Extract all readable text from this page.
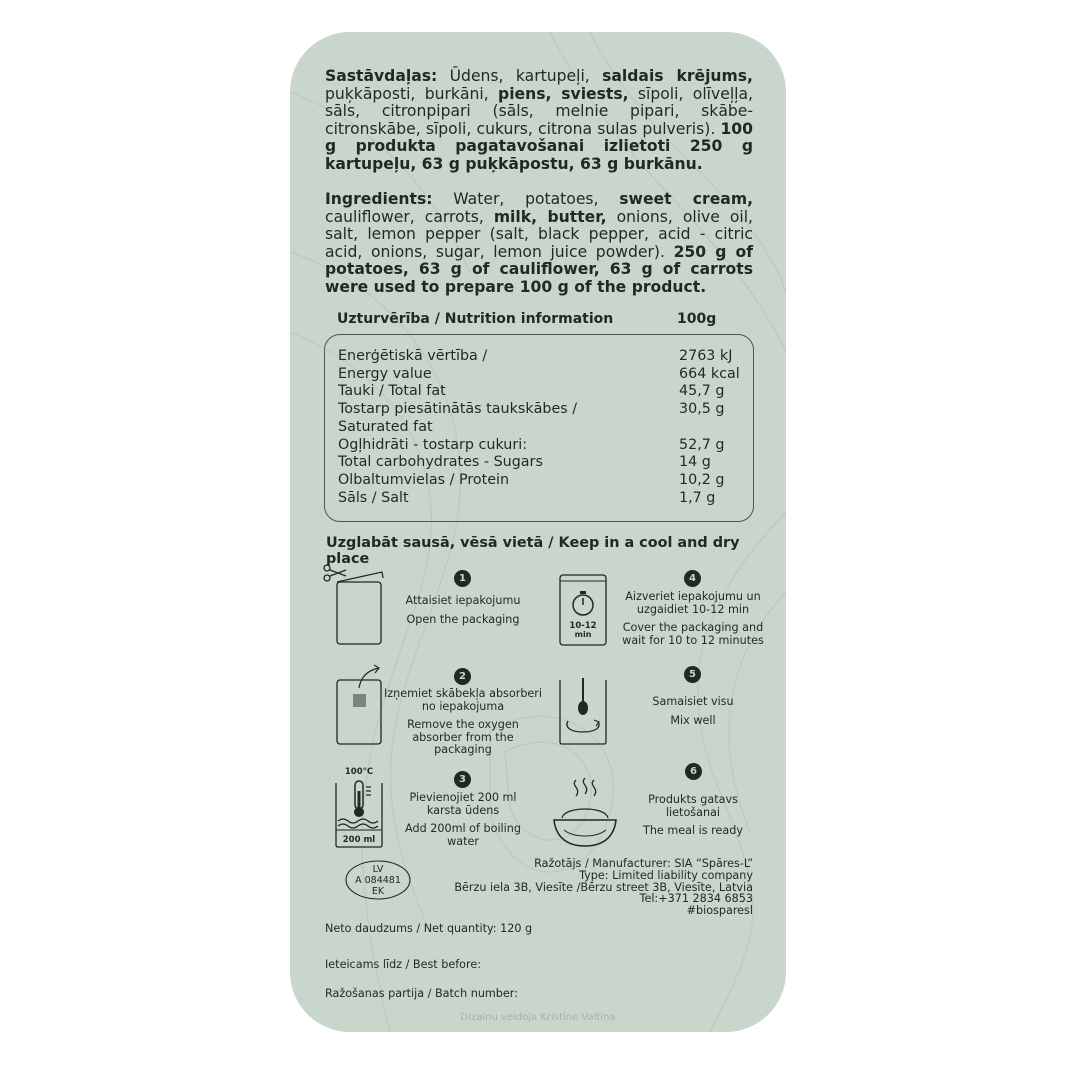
Sastāvdaļas: Ūdens, kartupeļi, saldais krējums, puķkāposti, burkāni, piens, sviests, sīpoli, olīveļļa, sāls, citronpipari (sāls, melnie pipari, skābe- citronskābe, sīpoli, cukurs, citrona sulas pulveris). 100 g produkta pagatavošanai izlietoti 250 g kartupeļu, 63 g puķkāpostu, 63 g burkānu.
Ingredients: Water, potatoes, sweet cream, cauliflower, carrots, milk, butter, onions, olive oil, salt, lemon pepper (salt, black pepper, acid - citric acid, onions, sugar, lemon juice powder). 250 g of potatoes, 63 g of cauliflower, 63 g of carrots were used to prepare 100 g of the product.
Uzturvērība / Nutrition information	100g
Enerģētiskā vērtība /	2763 kJ
Energy value	664 kcal
Tauki / Total fat	45,7 g
Tostarp piesātinātās taukskābes /	30,5 g
Saturated fat
Ogļhidrāti - tostarp cukuri:	52,7 g
Total carbohydrates - Sugars	14 g
Olbaltumvielas / Protein	10,2 g
Sāls / Salt	1,7 g
Uzglabāt sausā, vēsā vietā / Keep in a cool and dry place
1
Attaisiet iepakojumu
Open the packaging
10-12
min
4
Aizveriet iepakojumu un uzgaidiet 10-12 min
Cover the packaging and wait for 10 to 12 minutes
2
Izņemiet skābekļa absorberi no iepakojuma
Remove the oxygen absorber from the packaging
5
Samaisiet visu
Mix well
100°C
200 ml
3
Pievienojiet 200 ml karsta ūdens
Add 200ml of boiling water
6
Produkts gatavs lietošanai
The meal is ready
LV
A 084481
EK
Ražotājs / Manufacturer: SIA “Spāres-L”
Type: Limited liability company
Bērzu iela 3B, Viesīte /Bērzu street 3B, Viesīte, Latvia
Tel:+371 2834 6853
#biosparesl
Neto daudzums / Net quantity: 120 g
Ieteicams līdz / Best before:
Ražošanas partija / Batch number:
Dizainu veidoja Kristīne Valtiņa
